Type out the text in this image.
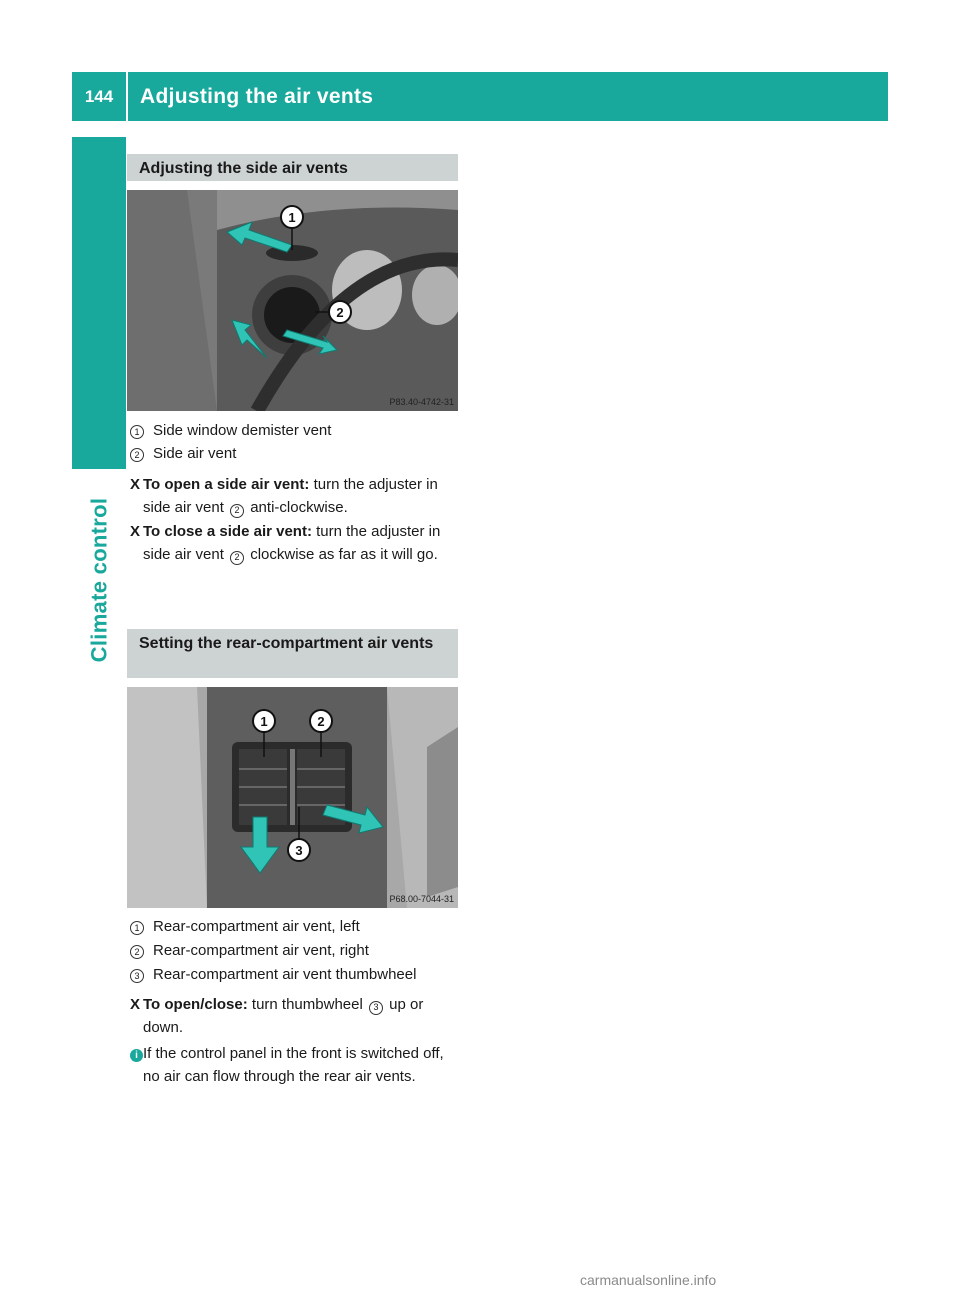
144	Adjusting the air vents
Climate control
Adjusting the side air vents
1
2
P83.40-4742-31
1 Side window demister vent
2 Side air vent
X To open a side air vent: turn the adjuster in side air vent 2 anti-clockwise.
X To close a side air vent: turn the adjuster in side air vent 2 clockwise as far as it will go.
Setting the rear-compartment air vents
1	2
3
P68.00-7044-31
1 Rear-compartment air vent, left
2 Rear-compartment air vent, right
3 Rear-compartment air vent thumbwheel
X To open/close: turn thumbwheel 3 up or down.
i If the control panel in the front is switched off, no air can flow through the rear air vents.
carmanualsonline.info
